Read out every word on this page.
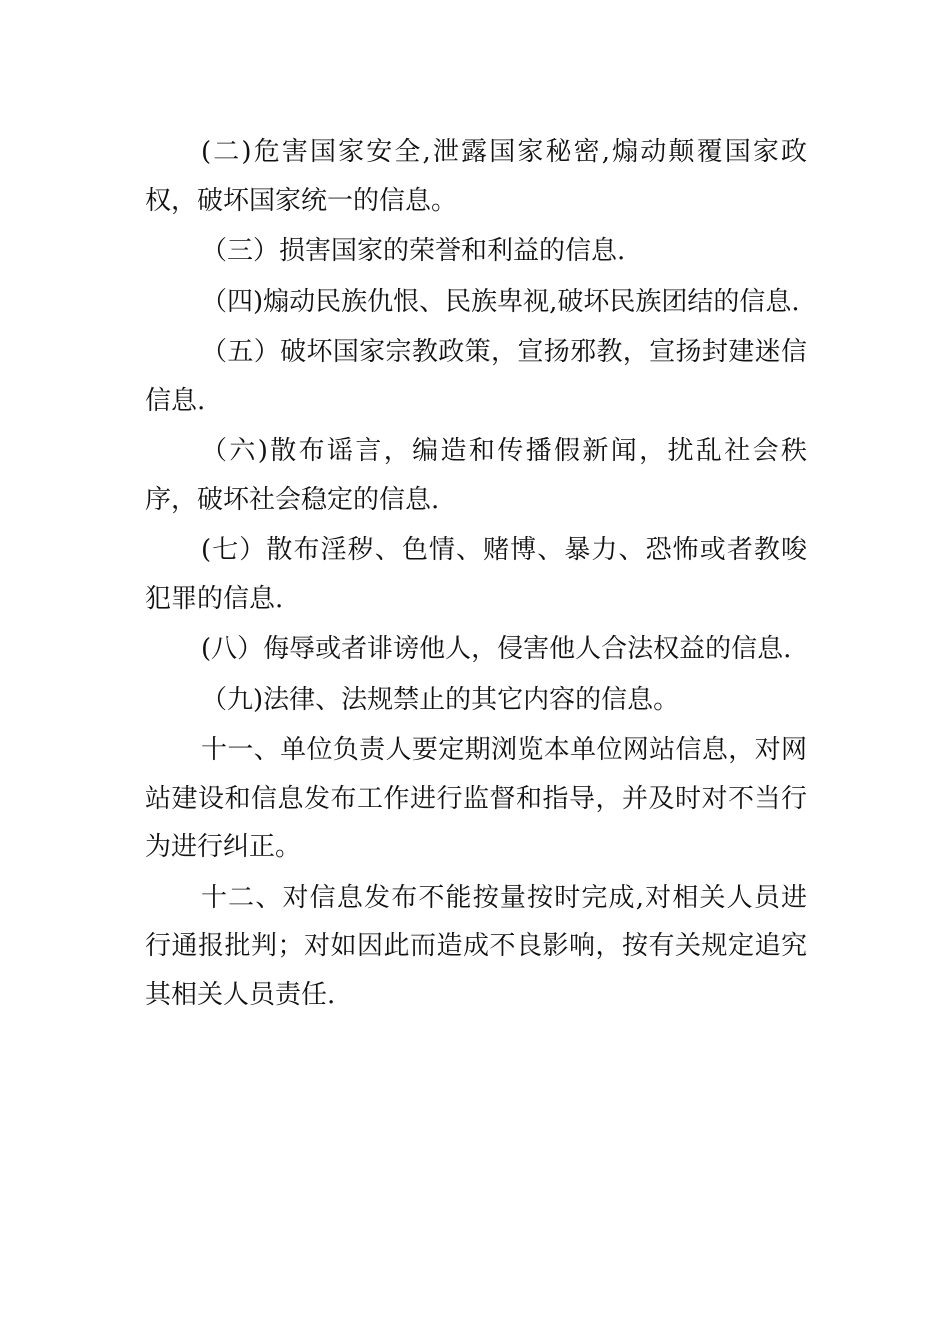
(二)危害国家安全,泄露国家秘密,煽动颠覆国家政权，破坏国家统一的信息。

（三）损害国家的荣誉和利益的信息.

（四)煽动民族仇恨、民族卑视,破坏民族团结的信息.

（五）破坏国家宗教政策，宣扬邪教，宣扬封建迷信信息.

（六)散布谣言，编造和传播假新闻，扰乱社会秩序，破坏社会稳定的信息.

(七）散布淫秽、色情、赌博、暴力、恐怖或者教唆犯罪的信息.

(八）侮辱或者诽谤他人，侵害他人合法权益的信息.

（九)法律、法规禁止的其它内容的信息。

十一、单位负责人要定期浏览本单位网站信息，对网站建设和信息发布工作进行监督和指导，并及时对不当行为进行纠正。

十二、对信息发布不能按量按时完成,对相关人员进行通报批判；对如因此而造成不良影响，按有关规定追究其相关人员责任.
